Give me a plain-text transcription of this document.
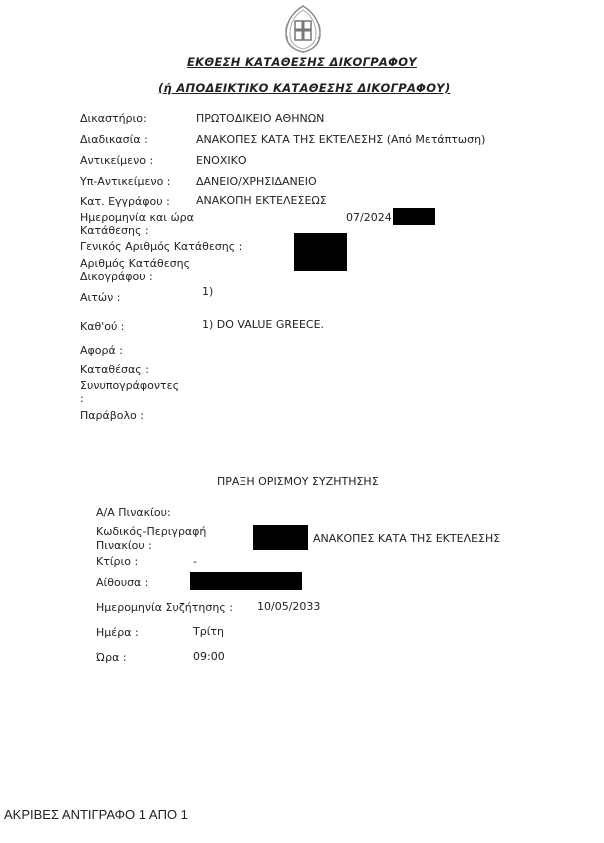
ΕΚΘΕΣΗ ΚΑΤΑΘΕΣΗΣ ΔΙΚΟΓΡΑΦΟΥ
(ή ΑΠΟΔΕΙΚΤΙΚΟ ΚΑΤΑΘΕΣΗΣ ΔΙΚΟΓΡΑΦΟΥ)
Δικαστήριο:	ΠΡΩΤΟΔΙΚΕΙΟ ΑΘΗΝΩΝ
Διαδικασία :	ΑΝΑΚΟΠΕΣ ΚΑΤΑ ΤΗΣ ΕΚΤΕΛΕΣΗΣ (Από Μετάπτωση)
Αντικείμενο :	ΕΝΟΧΙΚΟ
Υπ-Αντικείμενο : ΔΑΝΕΙΟ/ΧΡΗΣΙΔΑΝΕΙΟ
Κατ. Εγγράφου : ΑΝΑΚΟΠΗ ΕΚΤΕΛΕΣΕΩΣ
Ημερομηνία και ώρα
Κατάθεσης :
07/2024
Γενικός Αριθμός Κατάθεσης :
Αριθμός Κατάθεσης
Δικογράφου :
Αιτών :	1)
Καθ'ού :	1) DO VALUE GREECE.
Αφορά :
Καταθέσας :
Συνυπογράφοντες
:
Παράβολο :
ΠΡΑΞΗ ΟΡΙΣΜΟΥ ΣΥΖΗΤΗΣΗΣ
Α/Α Πινακίου:
Κωδικός-Περιγραφή
Πινακίου :
ΑΝΑΚΟΠΕΣ ΚΑΤΑ ΤΗΣ ΕΚΤΕΛΕΣΗΣ
Κτίριο :	-
Αίθουσα :
Ημερομηνία Συζήτησης : 10/05/2033
Ημέρα :	Τρίτη
Ώρα :	09:00
ΑΚΡΙΒΕΣ ΑΝΤΙΓΡΑΦΟ 1 ΑΠΟ 1
